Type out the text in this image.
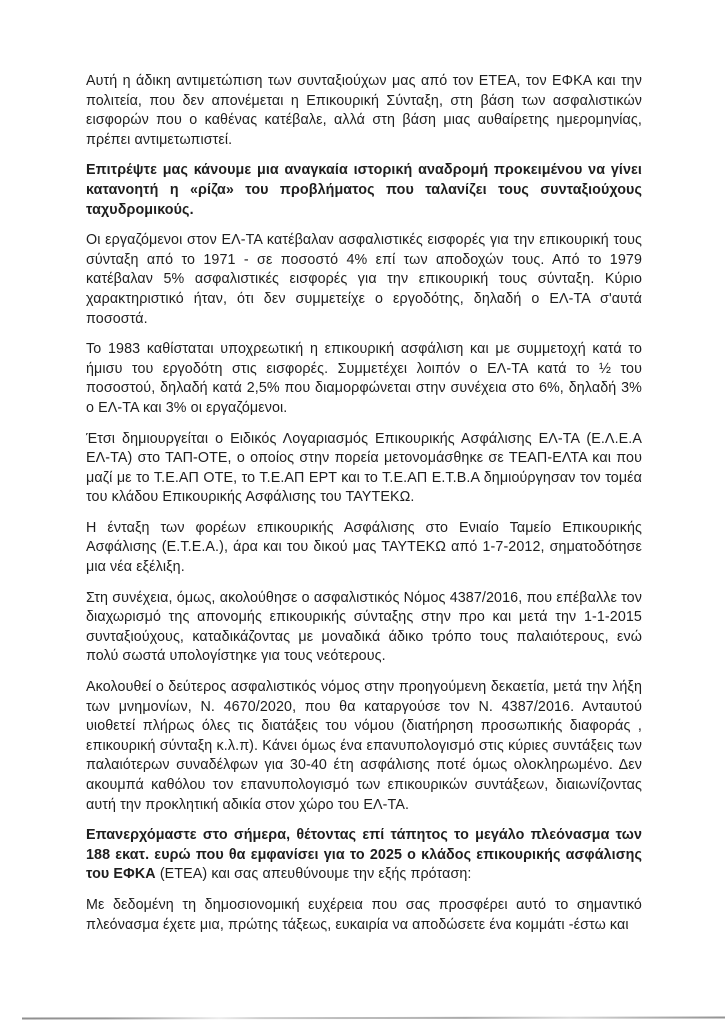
Αυτή η άδικη αντιμετώπιση των συνταξιούχων μας από τον ΕΤΕΑ, τον ΕΦΚΑ και την πολιτεία, που δεν απονέμεται η Επικουρική Σύνταξη, στη βάση των ασφαλιστικών εισφορών που ο καθένας κατέβαλε, αλλά στη βάση μιας αυθαίρετης ημερομηνίας, πρέπει αντιμετωπιστεί.

Επιτρέψτε μας κάνουμε μια αναγκαία ιστορική αναδρομή προκειμένου να γίνει κατανοητή η «ρίζα» του προβλήματος που ταλανίζει τους συνταξιούχους ταχυδρομικούς.

Οι εργαζόμενοι στον ΕΛ-ΤΑ κατέβαλαν ασφαλιστικές εισφορές για την επικουρική τους σύνταξη από το 1971 - σε ποσοστό 4% επί των αποδοχών τους. Από το 1979 κατέβαλαν 5% ασφαλιστικές εισφορές για την επικουρική τους σύνταξη. Κύριο χαρακτηριστικό ήταν, ότι δεν συμμετείχε ο εργοδότης, δηλαδή ο ΕΛ-ΤΑ σ'αυτά ποσοστά.

Το 1983 καθίσταται υποχρεωτική η επικουρική ασφάλιση και με συμμετοχή κατά το ήμισυ του εργοδότη στις εισφορές. Συμμετέχει λοιπόν ο ΕΛ-ΤΑ κατά το ½ του ποσοστού, δηλαδή κατά 2,5% που διαμορφώνεται στην συνέχεια στο 6%, δηλαδή 3% ο ΕΛ-ΤΑ και 3% οι εργαζόμενοι.

Έτσι δημιουργείται ο Ειδικός Λογαριασμός Επικουρικής Ασφάλισης ΕΛ-ΤΑ (Ε.Λ.Ε.Α ΕΛ-ΤΑ) στο ΤΑΠ-ΟΤΕ, ο οποίος στην πορεία μετονομάσθηκε σε ΤΕΑΠ-ΕΛΤΑ και που μαζί με το Τ.Ε.ΑΠ ΟΤΕ, το Τ.Ε.ΑΠ ΕΡΤ και το Τ.Ε.ΑΠ Ε.Τ.Β.Α δημιούργησαν τον τομέα του κλάδου Επικουρικής Ασφάλισης του ΤΑΥΤΕΚΩ.

Η ένταξη των φορέων επικουρικής Ασφάλισης στο Ενιαίο Ταμείο Επικουρικής Ασφάλισης (Ε.Τ.Ε.Α.), άρα και του δικού μας ΤΑΥΤΕΚΩ από 1-7-2012, σηματοδότησε μια νέα εξέλιξη.

Στη συνέχεια, όμως, ακολούθησε ο ασφαλιστικός Νόμος 4387/2016, που επέβαλλε τον διαχωρισμό της απονομής επικουρικής σύνταξης στην προ και μετά την 1-1-2015 συνταξιούχους, καταδικάζοντας με μοναδικά άδικο τρόπο τους παλαιότερους, ενώ πολύ σωστά υπολογίστηκε για τους νεότερους.

Ακολουθεί ο δεύτερος ασφαλιστικός νόμος στην προηγούμενη δεκαετία, μετά την λήξη των μνημονίων, Ν. 4670/2020, που θα καταργούσε τον Ν. 4387/2016. Ανταυτού υιοθετεί πλήρως όλες τις διατάξεις του νόμου (διατήρηση προσωπικής διαφοράς , επικουρική σύνταξη κ.λ.π). Κάνει όμως ένα επανυπολογισμό στις κύριες συντάξεις των παλαιότερων συναδέλφων για 30-40 έτη ασφάλισης ποτέ όμως ολοκληρωμένο. Δεν ακουμπά καθόλου τον επανυπολογισμό των επικουρικών συντάξεων, διαιωνίζοντας αυτή την προκλητική αδικία στον χώρο του ΕΛ-ΤΑ.

Επανερχόμαστε στο σήμερα, θέτοντας επί τάπητος το μεγάλο πλεόνασμα των 188 εκατ. ευρώ που θα εμφανίσει για το 2025 ο κλάδος επικουρικής ασφάλισης του ΕΦΚΑ (ΕΤΕΑ) και σας απευθύνουμε την εξής πρόταση:

Με δεδομένη τη δημοσιονομική ευχέρεια που σας προσφέρει αυτό το σημαντικό πλεόνασμα έχετε μια, πρώτης τάξεως, ευκαιρία να αποδώσετε ένα κομμάτι -έστω και
